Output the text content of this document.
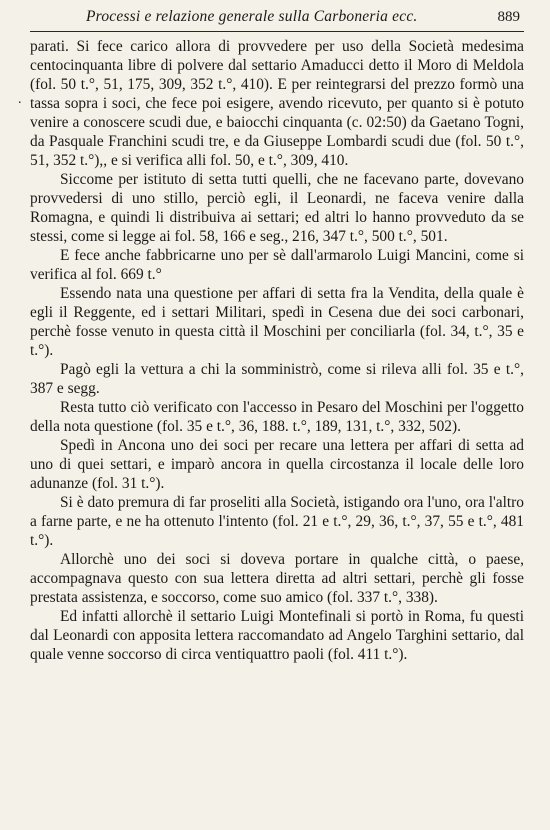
Processi e relazione generale sulla Carboneria ecc.	889
.

parati. Si fece carico allora di provvedere per uso della Società medesima centocinquanta libre di polvere dal settario Amaducci detto il Moro di Meldola (fol. 50 t.°, 51, 175, 309, 352 t.°, 410). E per reintegrarsi del prezzo formò una tassa sopra i soci, che fece poi esigere, avendo ricevuto, per quanto si è potuto venire a conoscere scudi due, e baiocchi cinquanta (c. 02:50) da Gaetano Togni, da Pasquale Franchini scudi tre, e da Giuseppe Lombardi scudi due (fol. 50 t.°, 51, 352 t.°),, e si verifica alli fol. 50, e t.°, 309, 410.

Siccome per istituto di setta tutti quelli, che ne facevano parte, dovevano provvedersi di uno stillo, perciò egli, il Leonardi, ne faceva venire dalla Romagna, e quindi li distribuiva ai settari; ed altri lo hanno provveduto da se stessi, come si legge ai fol. 58, 166 e seg., 216, 347 t.°, 500 t.°, 501.

E fece anche fabbricarne uno per sè dall'armarolo Luigi Mancini, come si verifica al fol. 669 t.°

Essendo nata una questione per affari di setta fra la Vendita, della quale è egli il Reggente, ed i settari Militari, spedì in Cesena due dei soci carbonari, perchè fosse venuto in questa città il Moschini per conciliarla (fol. 34, t.°, 35 e t.°).

Pagò egli la vettura a chi la somministrò, come si rileva alli fol. 35 e t.°, 387 e segg.

Resta tutto ciò verificato con l'accesso in Pesaro del Moschini per l'oggetto della nota questione (fol. 35 e t.°, 36, 188. t.°, 189, 131, t.°, 332, 502).

Spedì in Ancona uno dei soci per recare una lettera per affari di setta ad uno di quei settari, e imparò ancora in quella circostanza il locale delle loro adunanze (fol. 31 t.°).

Si è dato premura di far proseliti alla Società, istigando ora l'uno, ora l'altro a farne parte, e ne ha ottenuto l'intento (fol. 21 e t.°, 29, 36, t.°, 37, 55 e t.°, 481 t.°).

Allorchè uno dei soci si doveva portare in qualche città, o paese, accompagnava questo con sua lettera diretta ad altri settari, perchè gli fosse prestata assistenza, e soccorso, come suo amico (fol. 337 t.°, 338).

Ed infatti allorchè il settario Luigi Montefinali si portò in Roma, fu questi dal Leonardi con apposita lettera raccomandato ad Angelo Targhini settario, dal quale venne soccorso di circa ventiquattro paoli (fol. 411 t.°).
